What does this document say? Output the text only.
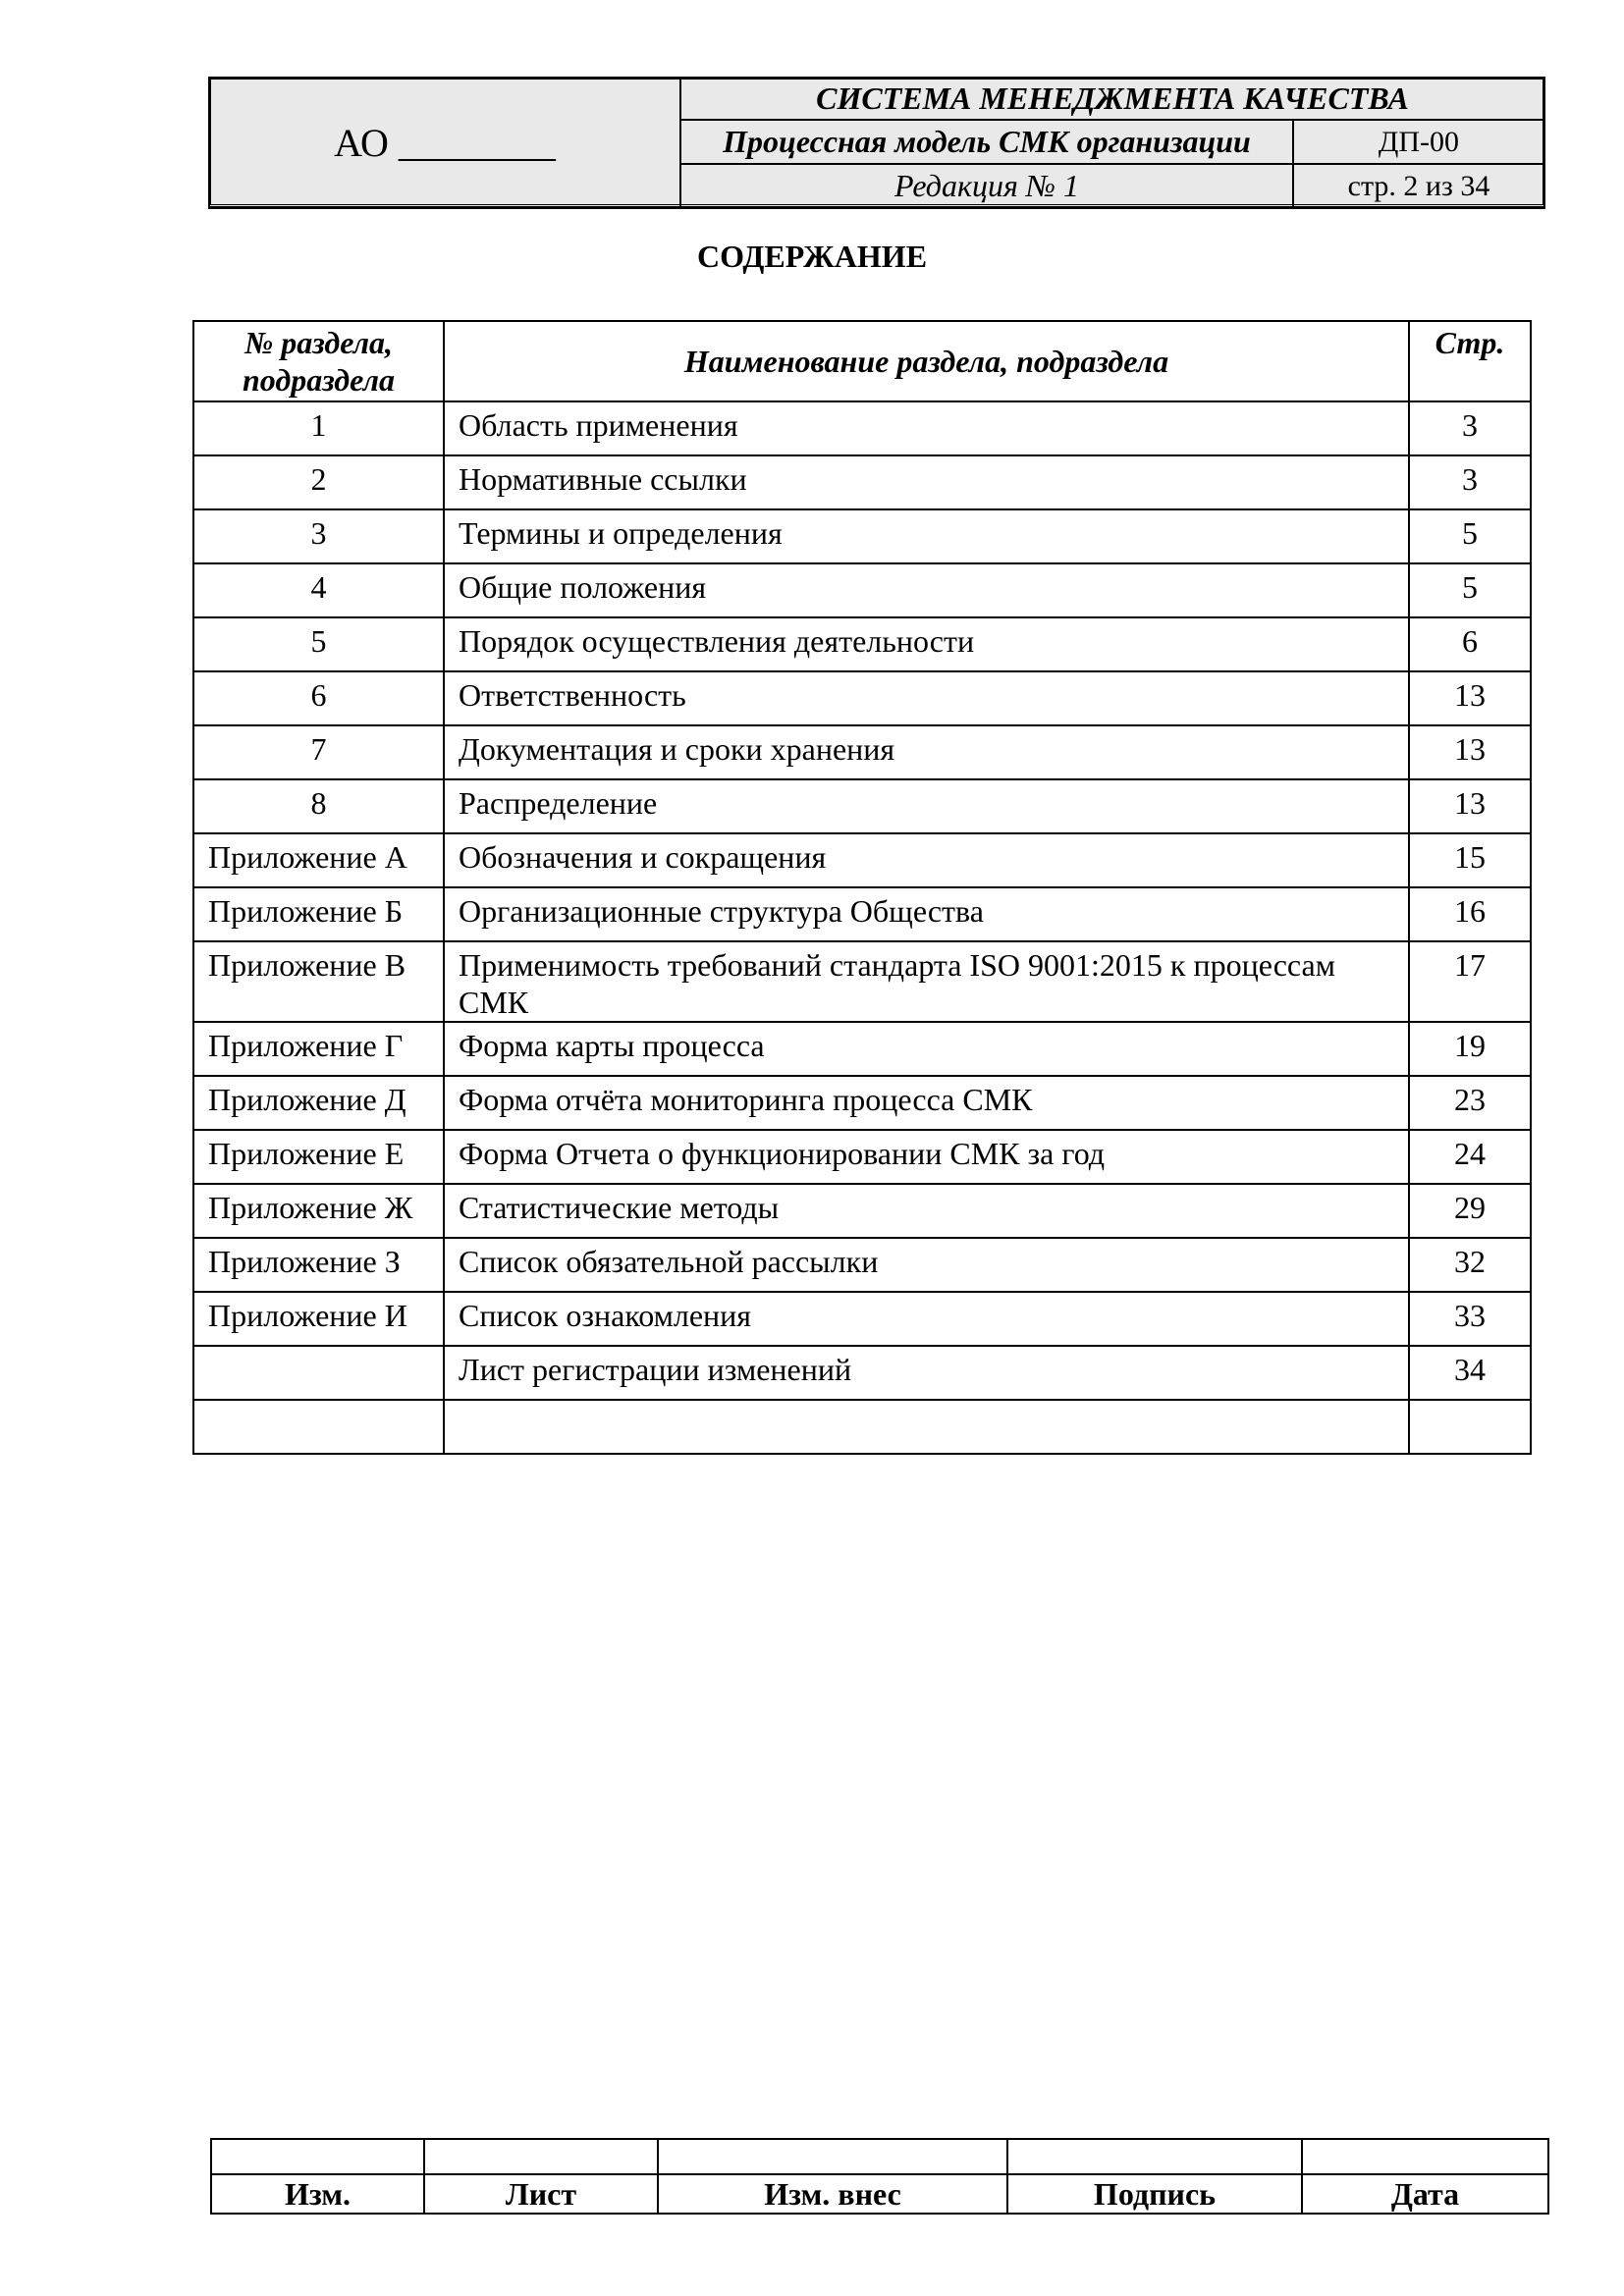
АО ________	СИСТЕМА МЕНЕДЖМЕНТА КАЧЕСТВА	
	Процессная модель СМК организации	ДП-00
	Редакция № 1	стр. 2 из 34
СОДЕРЖАНИЕ
№ раздела, подраздела	Наименование раздела, подраздела	Стр.
1	Область применения	3
2	Нормативные ссылки	3
3	Термины и определения	5
4	Общие положения	5
5	Порядок осуществления деятельности	6
6	Ответственность	13
7	Документация и сроки хранения	13
8	Распределение	13
Приложение А	Обозначения и сокращения	15
Приложение Б	Организационные структура Общества	16
Приложение В	Применимость требований стандарта ISO 9001:2015 к процессам СМК	17
Приложение Г	Форма карты процесса	19
Приложение Д	Форма отчёта мониторинга процесса СМК	23
Приложение Е	Форма Отчета о функционировании СМК за год	24
Приложение Ж	Статистические методы	29
Приложение З	Список обязательной рассылки	32
Приложение И	Список ознакомления	33
	Лист регистрации изменений	34

Изм.	Лист	Изм. внес	Подпись	Дата
